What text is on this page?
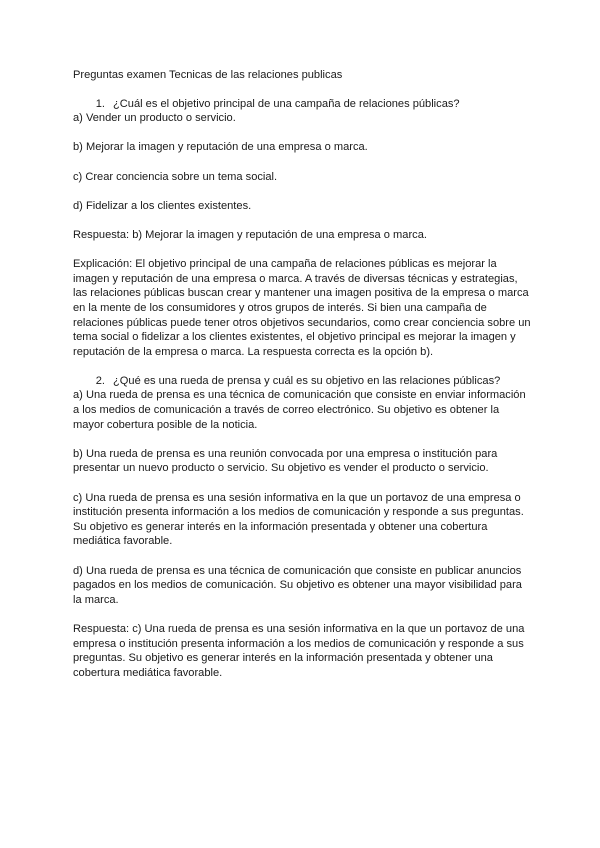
Preguntas examen Tecnicas de las relaciones publicas

1. ¿Cuál es el objetivo principal de una campaña de relaciones públicas?

a) Vender un producto o servicio.

b) Mejorar la imagen y reputación de una empresa o marca.

c) Crear conciencia sobre un tema social.

d) Fidelizar a los clientes existentes.

Respuesta: b) Mejorar la imagen y reputación de una empresa o marca.

Explicación: El objetivo principal de una campaña de relaciones públicas es mejorar la imagen y reputación de una empresa o marca. A través de diversas técnicas y estrategias, las relaciones públicas buscan crear y mantener una imagen positiva de la empresa o marca en la mente de los consumidores y otros grupos de interés. Si bien una campaña de relaciones públicas puede tener otros objetivos secundarios, como crear conciencia sobre un tema social o fidelizar a los clientes existentes, el objetivo principal es mejorar la imagen y reputación de la empresa o marca. La respuesta correcta es la opción b).

2. ¿Qué es una rueda de prensa y cuál es su objetivo en las relaciones públicas?

a) Una rueda de prensa es una técnica de comunicación que consiste en enviar información a los medios de comunicación a través de correo electrónico. Su objetivo es obtener la mayor cobertura posible de la noticia.

b) Una rueda de prensa es una reunión convocada por una empresa o institución para presentar un nuevo producto o servicio. Su objetivo es vender el producto o servicio.

c) Una rueda de prensa es una sesión informativa en la que un portavoz de una empresa o institución presenta información a los medios de comunicación y responde a sus preguntas. Su objetivo es generar interés en la información presentada y obtener una cobertura mediática favorable.

d) Una rueda de prensa es una técnica de comunicación que consiste en publicar anuncios pagados en los medios de comunicación. Su objetivo es obtener una mayor visibilidad para la marca.

Respuesta: c) Una rueda de prensa es una sesión informativa en la que un portavoz de una empresa o institución presenta información a los medios de comunicación y responde a sus preguntas. Su objetivo es generar interés en la información presentada y obtener una cobertura mediática favorable.
